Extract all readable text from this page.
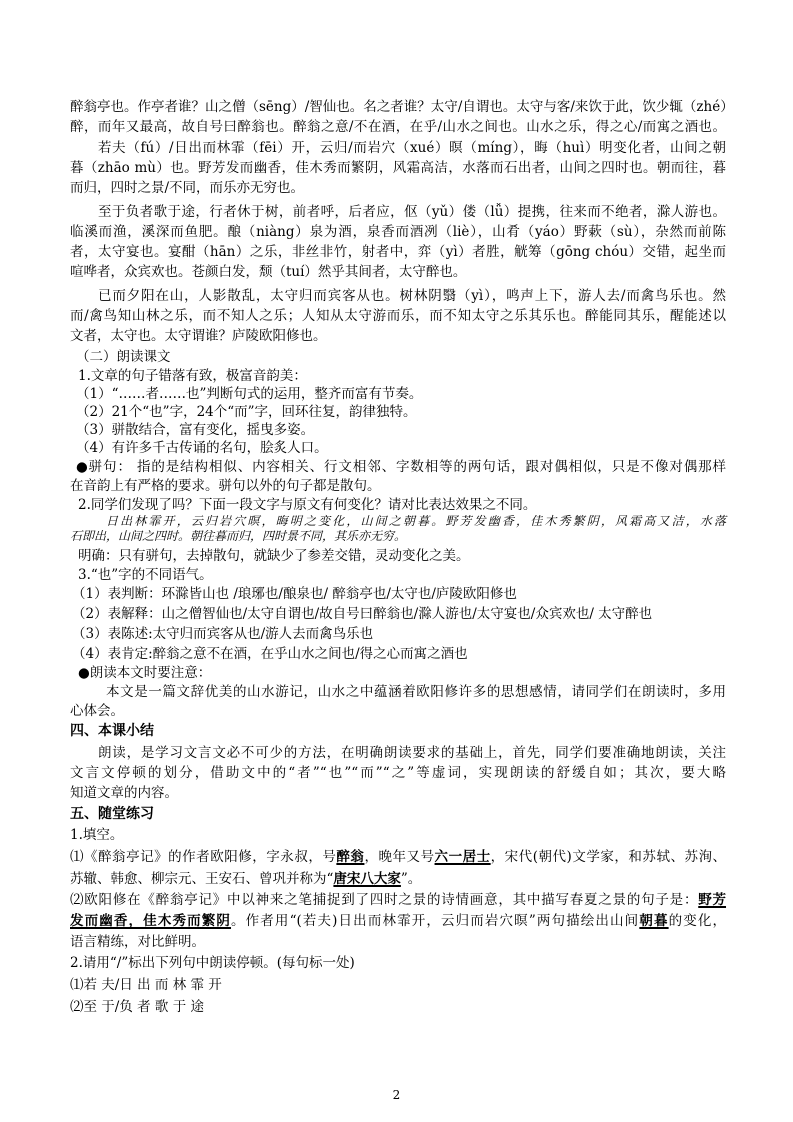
醉翁亭也。作亭者谁？山之僧（sēng）/智仙也。名之者谁？太守/自谓也。太守与客/来饮于此，饮少辄（zhé）
醉，而年又最高，故自号曰醉翁也。醉翁之意/不在酒，在乎/山水之间也。山水之乐，得之心/而寓之酒也。
若夫（fú）/日出而林霏（fēi）开，云归/而岩穴（xué）暝（míng），晦（huì）明变化者，山间之朝
暮（zhāo mù）也。野芳发而幽香，佳木秀而繁阴，风霜高洁，水落而石出者，山间之四时也。朝而往，暮
而归，四时之景/不同，而乐亦无穷也。
至于负者歌于途，行者休于树，前者呼，后者应，伛（yǔ）偻（lǚ）提携，往来而不绝者，滁人游也。
临溪而渔，溪深而鱼肥。酿（niàng）泉为酒，泉香而酒冽（liè），山肴（yáo）野蔌（sù），杂然而前陈
者，太守宴也。宴酣（hān）之乐，非丝非竹，射者中，弈（yì）者胜，觥筹（gōng chóu）交错，起坐而
喧哗者，众宾欢也。苍颜白发，颓（tuí）然乎其间者，太守醉也。
已而夕阳在山，人影散乱，太守归而宾客从也。树林阴翳（yì），鸣声上下，游人去/而禽鸟乐也。然
而/禽鸟知山林之乐，而不知人之乐；人知从太守游而乐，而不知太守之乐其乐也。醉能同其乐，醒能述以
文者，太守也。太守谓谁？庐陵欧阳修也。
（二）朗读课文
1.文章的句子错落有致，极富音韵美：
（1）“……者……也”判断句式的运用，整齐而富有节奏。
（2）21个“也”字，24个“而”字，回环往复，韵律独特。
（3）骈散结合，富有变化，摇曳多姿。
（4）有许多千古传诵的名句，脍炙人口。
●骈句： 指的是结构相似、内容相关、行文相邻、字数相等的两句话，跟对偶相似，只是不像对偶那样
在音韵上有严格的要求。骈句以外的句子都是散句。
2.同学们发现了吗？下面一段文字与原文有何变化？请对比表达效果之不同。
日出林霏开，云归岩穴暝，晦明之变化，山间之朝暮。野芳发幽香，佳木秀繁阴，风霜高又洁，水落
石即出，山间之四时。朝往暮而归，四时景不同，其乐亦无穷。
明确：只有骈句，去掉散句，就缺少了参差交错，灵动变化之美。
3.“也”字的不同语气。
（1）表判断：环滁皆山也 /琅琊也/酿泉也/ 醉翁亭也/太守也/庐陵欧阳修也
（2）表解释：山之僧智仙也/太守自谓也/故自号曰醉翁也/滁人游也/太守宴也/众宾欢也/ 太守醉也
（3）表陈述:太守归而宾客从也/游人去而禽鸟乐也
（4）表肯定:醉翁之意不在酒，在乎山水之间也/得之心而寓之酒也
●朗读本文时要注意：
本文是一篇文辞优美的山水游记，山水之中蕴涵着欧阳修许多的思想感情，请同学们在朗读时，多用
心体会。
四、本课小结
朗读，是学习文言文必不可少的方法，在明确朗读要求的基础上，首先，同学们要准确地朗读，关注
文言文停顿的划分，借助文中的“者”“也”“而”“之”等虚词，实现朗读的舒缓自如；其次，要大略
知道文章的内容。
五、随堂练习
1.填空。
⑴《醉翁亭记》的作者欧阳修，字永叔，号醉翁，晚年又号六一居士，宋代(朝代)文学家，和苏轼、苏洵、
苏辙、韩愈、柳宗元、王安石、曾巩并称为“唐宋八大家”。
⑵欧阳修在《醉翁亭记》中以神来之笔捕捉到了四时之景的诗情画意，其中描写春夏之景的句子是：野芳
发而幽香，佳木秀而繁阴。作者用“(若夫)日出而林霏开，云归而岩穴暝”两句描绘出山间朝暮的变化，
语言精练，对比鲜明。
2.请用“/”标出下列句中朗读停顿。(每句标一处)
⑴若 夫/日 出 而 林 霏 开
⑵至 于/负 者 歌 于 途
2
